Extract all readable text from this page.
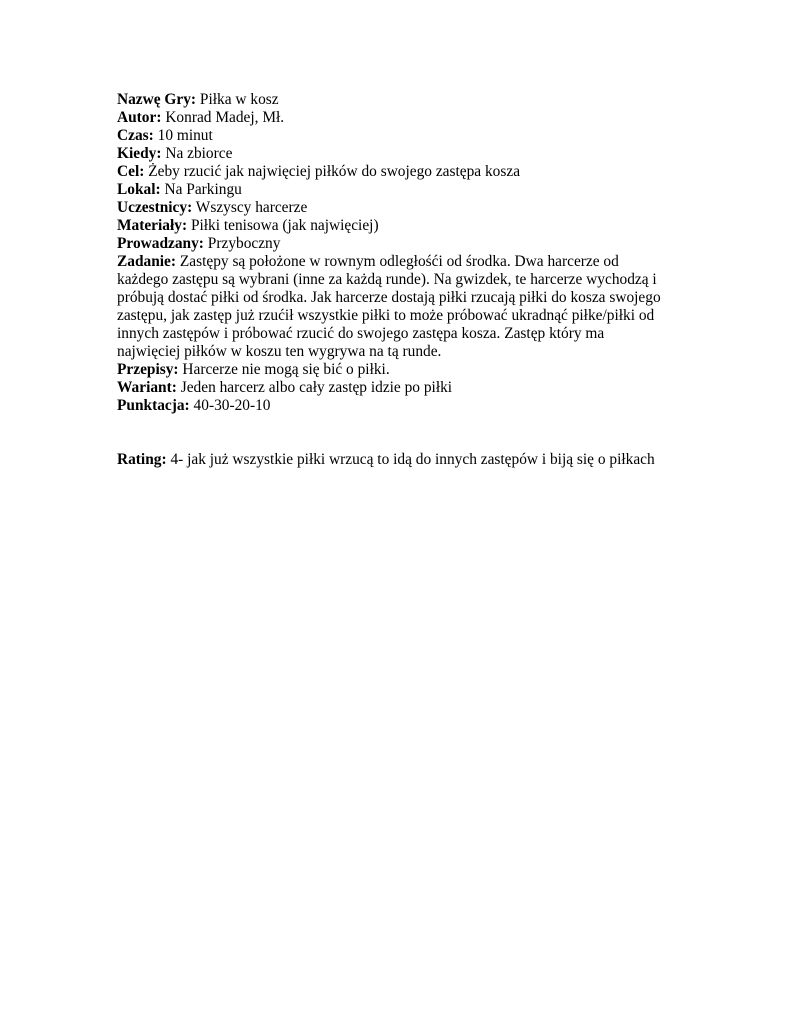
Nazwę Gry: Piłka w kosz
Autor: Konrad Madej, Mł.
Czas: 10 minut
Kiedy: Na zbiorce
Cel: Żeby rzucić jak najwięciej piłków do swojego zastępa kosza
Lokal: Na Parkingu
Uczestnicy: Wszyscy harcerze
Materiały: Piłki tenisowa (jak najwięciej)
Prowadzany: Przyboczny
Zadanie: Zastępy są położone w rownym odległośći od środka. Dwa harcerze od każdego zastępu są wybrani (inne za każdą runde). Na gwizdek, te harcerze wychodzą i próbują dostać piłki od środka. Jak harcerze dostają piłki rzucają piłki do kosza swojego zastępu, jak zastęp już rzućił wszystkie piłki to może próbować ukradnąć piłke/piłki od innych zastępów i próbować rzucić do swojego zastępa kosza. Zastęp który ma najwięciej piłków w koszu ten wygrywa na tą runde.
Przepisy: Harcerze nie mogą się bić o piłki.
Wariant: Jeden harcerz albo cały zastęp idzie po piłki
Punktacja: 40-30-20-10
Rating: 4- jak już wszystkie piłki wrzucą to idą do innych zastępów i biją się o piłkach
